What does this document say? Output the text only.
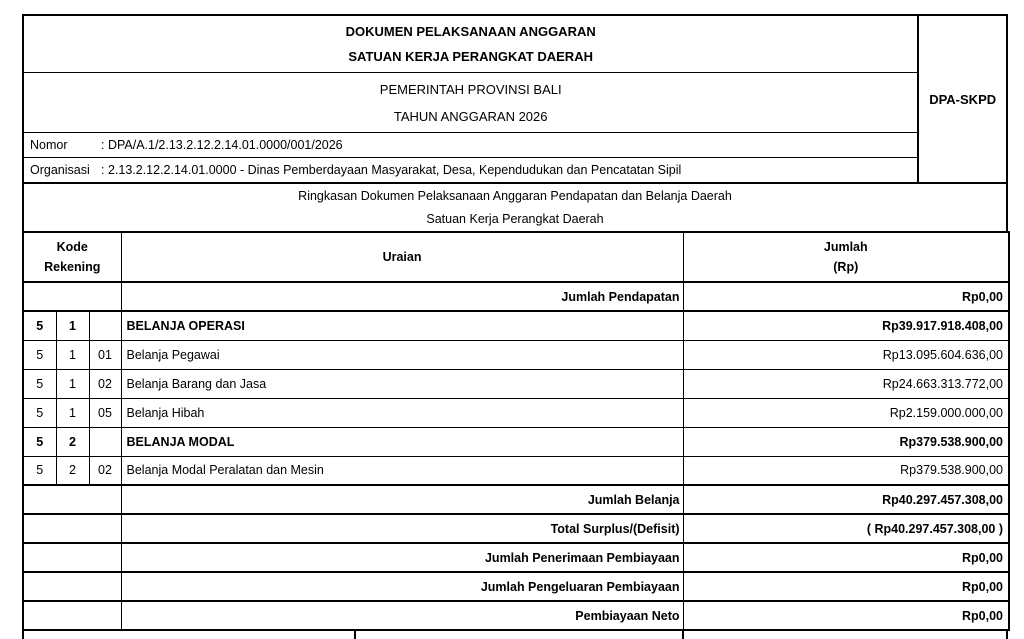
DOKUMEN PELAKSANAAN ANGGARAN
SATUAN KERJA PERANGKAT DAERAH
PEMERINTAH PROVINSI BALI
TAHUN ANGGARAN 2026
Nomor	: DPA/A.1/2.13.2.12.2.14.01.0000/001/2026
Organisasi : 2.13.2.12.2.14.01.0000 - Dinas Pemberdayaan Masyarakat, Desa, Kependudukan dan Pencatatan Sipil
DPA-SKPD
Ringkasan Dokumen Pelaksanaan Anggaran Pendapatan dan Belanja Daerah
Satuan Kerja Perangkat Daerah
Kode
Rekening
	Uraian	
Jumlah
(Rp)

			Jumlah Pendapatan	Rp0,00
5	1		BELANJA OPERASI	Rp39.917.918.408,00
5	1	01	Belanja Pegawai	Rp13.095.604.636,00
5	1	02	Belanja Barang dan Jasa	Rp24.663.313.772,00
5	1	05	Belanja Hibah	Rp2.159.000.000,00
5	2		BELANJA MODAL	Rp379.538.900,00
5	2	02	Belanja Modal Peralatan dan Mesin	Rp379.538.900,00
			Jumlah Belanja	Rp40.297.457.308,00
			Total Surplus/(Defisit)	( Rp40.297.457.308,00 )
			Jumlah Penerimaan Pembiayaan	Rp0,00
			Jumlah Pengeluaran Pembiayaan	Rp0,00
			Pembiayaan Neto	Rp0,00
